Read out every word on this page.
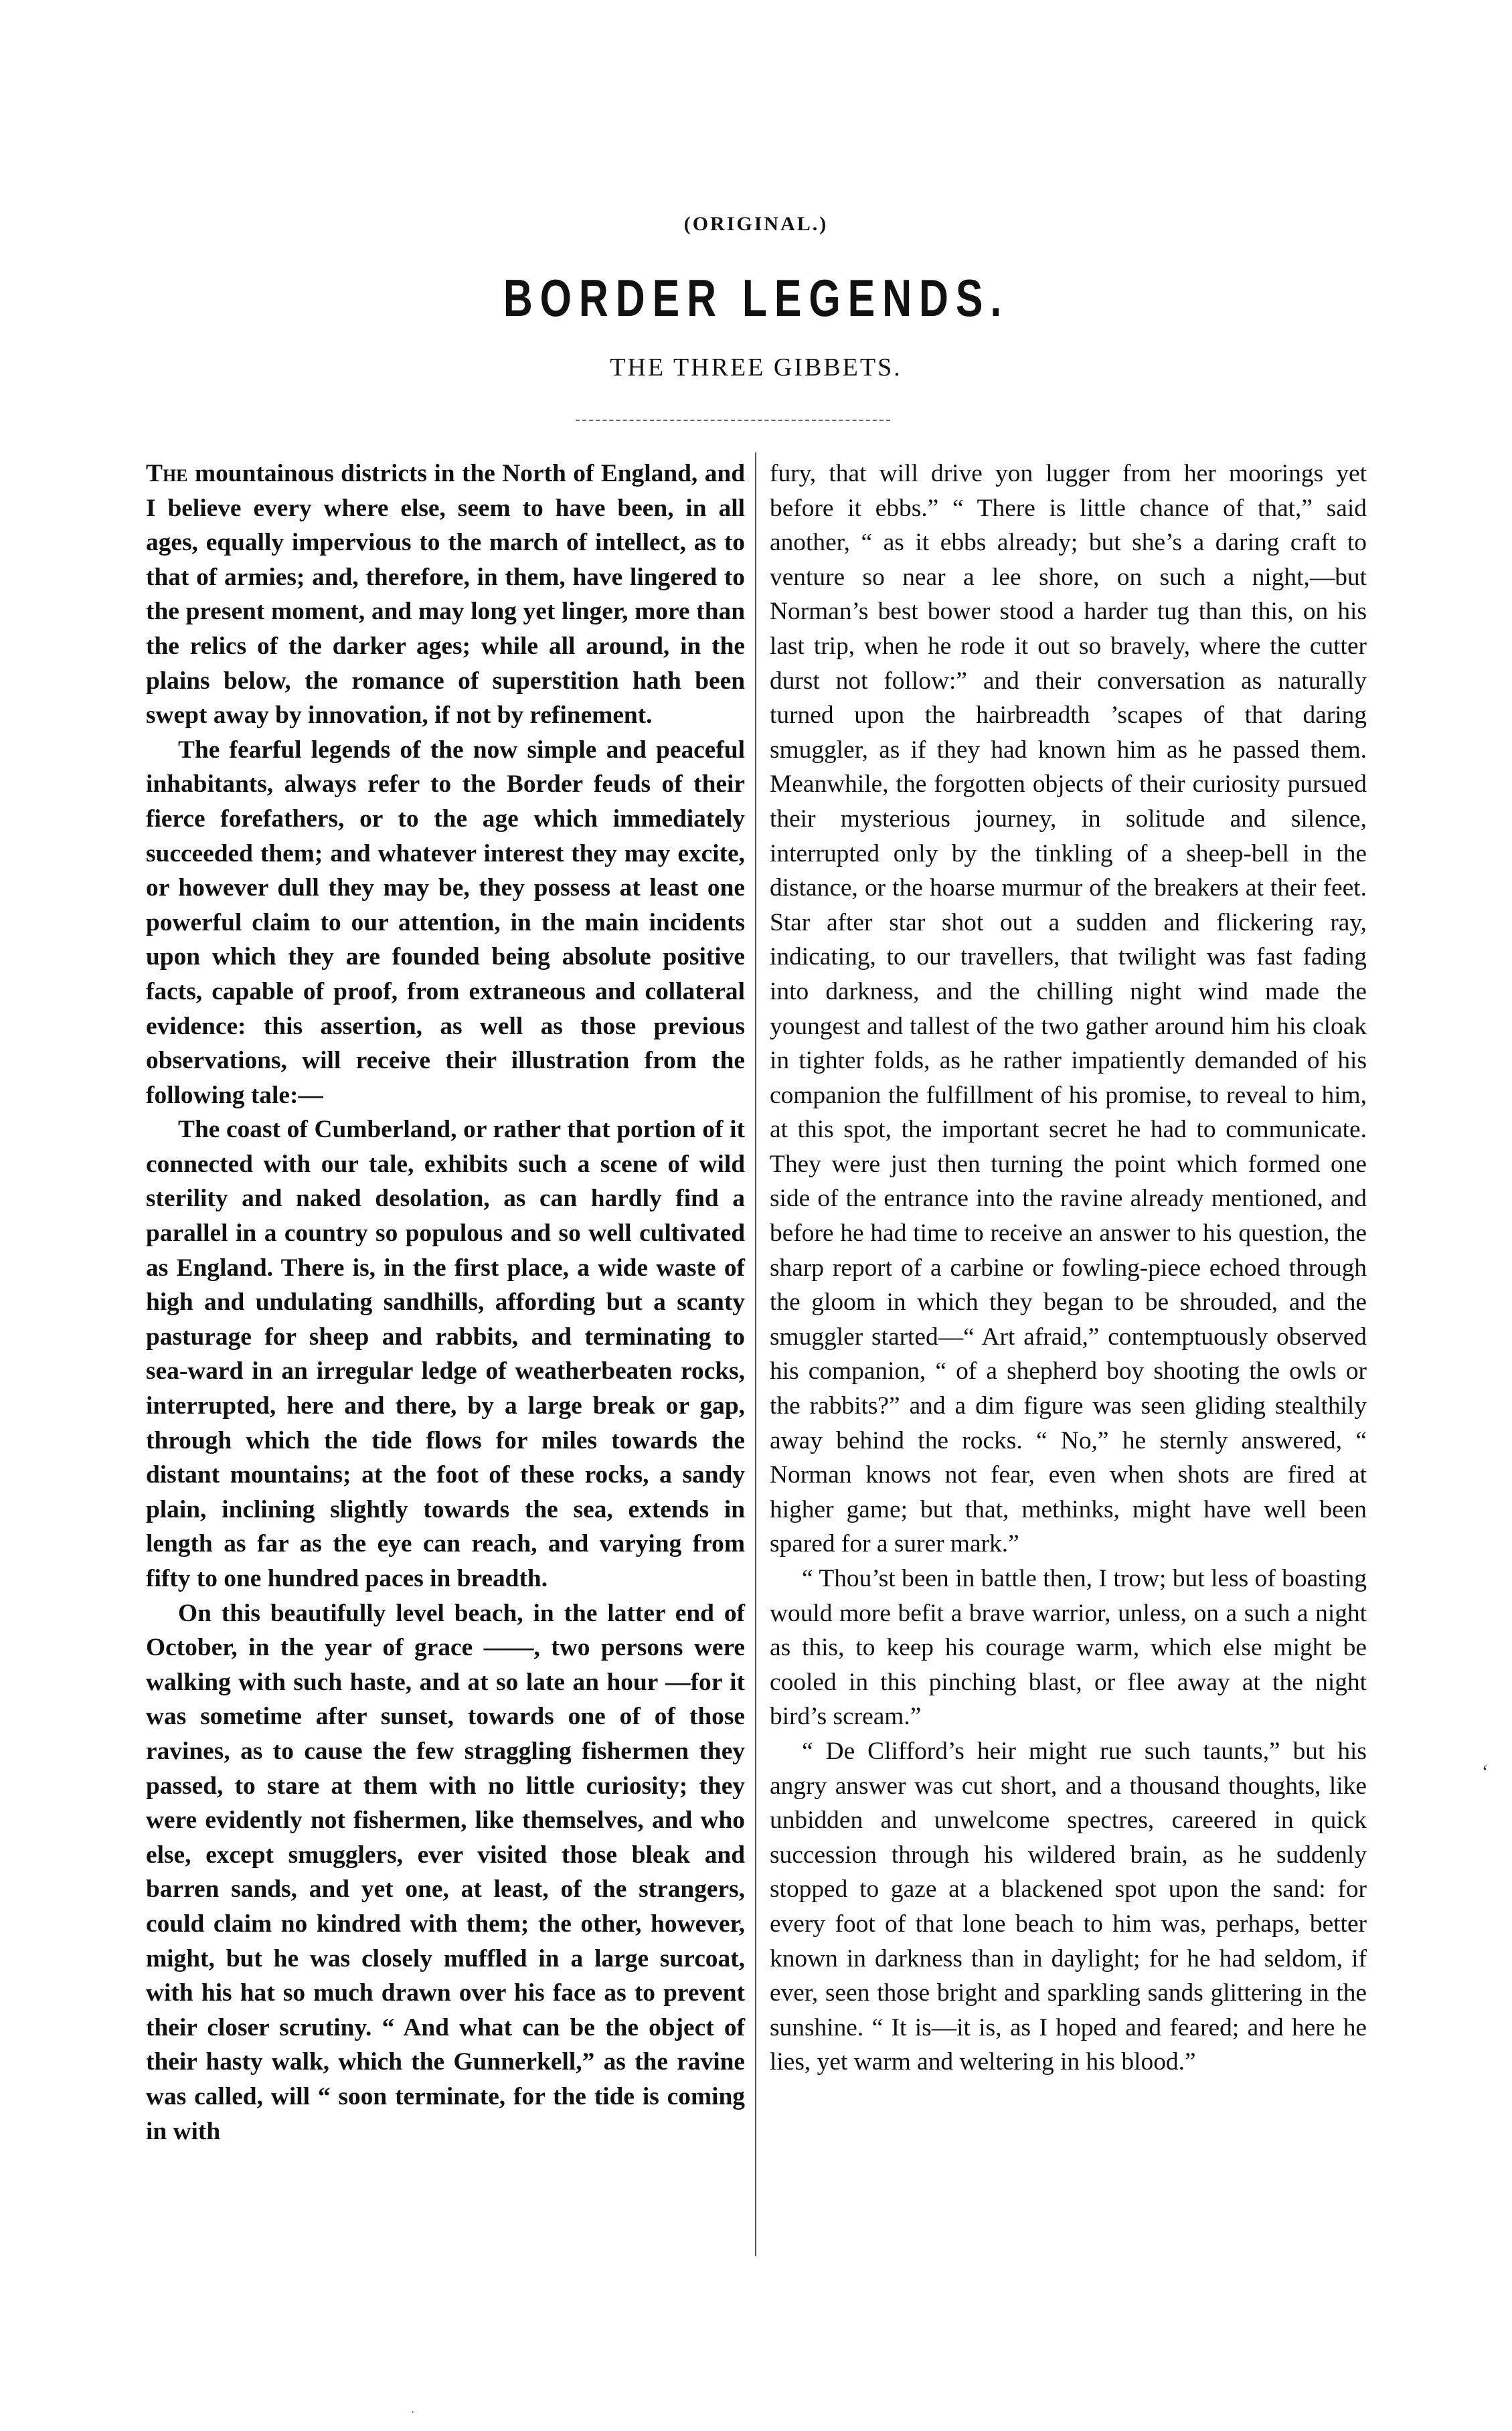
(ORIGINAL.)
BORDER LEGENDS.
THE THREE GIBBETS.

The mountainous districts in the North of England, and I believe every where else, seem to have been, in all ages, equally impervious to the march of intellect, as to that of armies; and, therefore, in them, have lingered to the present moment, and may long yet linger, more than the relics of the darker ages; while all around, in the plains below, the romance of superstition hath been swept away by innovation, if not by refinement.

The fearful legends of the now simple and peaceful inhabitants, always refer to the Border feuds of their fierce forefathers, or to the age which immediately succeeded them; and whatever interest they may excite, or however dull they may be, they possess at least one powerful claim to our attention, in the main incidents upon which they are founded being absolute positive facts, capable of proof, from extraneous and collateral evidence: this assertion, as well as those previous observations, will receive their illustration from the following tale:—

The coast of Cumberland, or rather that portion of it connected with our tale, exhibits such a scene of wild sterility and naked desolation, as can hardly find a parallel in a country so populous and so well cultivated as England. There is, in the first place, a wide waste of high and undulating sandhills, affording but a scanty pasturage for sheep and rabbits, and terminating to sea-ward in an irregular ledge of weatherbeaten rocks, interrupted, here and there, by a large break or gap, through which the tide flows for miles towards the distant mountains; at the foot of these rocks, a sandy plain, inclining slightly towards the sea, extends in length as far as the eye can reach, and varying from fifty to one hundred paces in breadth.

On this beautifully level beach, in the latter end of October, in the year of grace ——, two persons were walking with such haste, and at so late an hour —for it was sometime after sunset, towards one of of those ravines, as to cause the few straggling fishermen they passed, to stare at them with no little curiosity; they were evidently not fishermen, like themselves, and who else, except smugglers, ever visited those bleak and barren sands, and yet one, at least, of the strangers, could claim no kindred with them; the other, however, might, but he was closely muffled in a large surcoat, with his hat so much drawn over his face as to prevent their closer scrutiny. “ And what can be the object of their hasty walk, which the Gunnerkell,” as the ravine was called, will “ soon terminate, for the tide is coming in with

fury, that will drive yon lugger from her moorings yet before it ebbs.” “ There is little chance of that,” said another, “ as it ebbs already; but she’s a daring craft to venture so near a lee shore, on such a night,—but Norman’s best bower stood a harder tug than this, on his last trip, when he rode it out so bravely, where the cutter durst not follow:” and their conversation as naturally turned upon the hairbreadth ’scapes of that daring smuggler, as if they had known him as he passed them. Meanwhile, the forgotten objects of their curiosity pursued their mysterious journey, in solitude and silence, interrupted only by the tinkling of a sheep-bell in the distance, or the hoarse murmur of the breakers at their feet. Star after star shot out a sudden and flickering ray, indicating, to our travellers, that twilight was fast fading into darkness, and the chilling night wind made the youngest and tallest of the two gather around him his cloak in tighter folds, as he rather impatiently demanded of his companion the fulfillment of his promise, to reveal to him, at this spot, the important secret he had to communicate. They were just then turning the point which formed one side of the entrance into the ravine already mentioned, and before he had time to receive an answer to his question, the sharp report of a carbine or fowling-piece echoed through the gloom in which they began to be shrouded, and the smuggler started—“ Art afraid,” contemptuously observed his companion, “ of a shepherd boy shooting the owls or the rabbits?” and a dim figure was seen gliding stealthily away behind the rocks. “ No,” he sternly answered, “ Norman knows not fear, even when shots are fired at higher game; but that, methinks, might have well been spared for a surer mark.”

“ Thou’st been in battle then, I trow; but less of boasting would more befit a brave warrior, unless, on a such a night as this, to keep his courage warm, which else might be cooled in this pinching blast, or flee away at the night bird’s scream.”

“ De Clifford’s heir might rue such taunts,” but his angry answer was cut short, and a thousand thoughts, like unbidden and unwelcome spectres, careered in quick succession through his wildered brain, as he suddenly stopped to gaze at a blackened spot upon the sand: for every foot of that lone beach to him was, perhaps, better known in darkness than in daylight; for he had seldom, if ever, seen those bright and sparkling sands glittering in the sunshine. “ It is—it is, as I hoped and feared; and here he lies, yet warm and weltering in his blood.”

‘
’
